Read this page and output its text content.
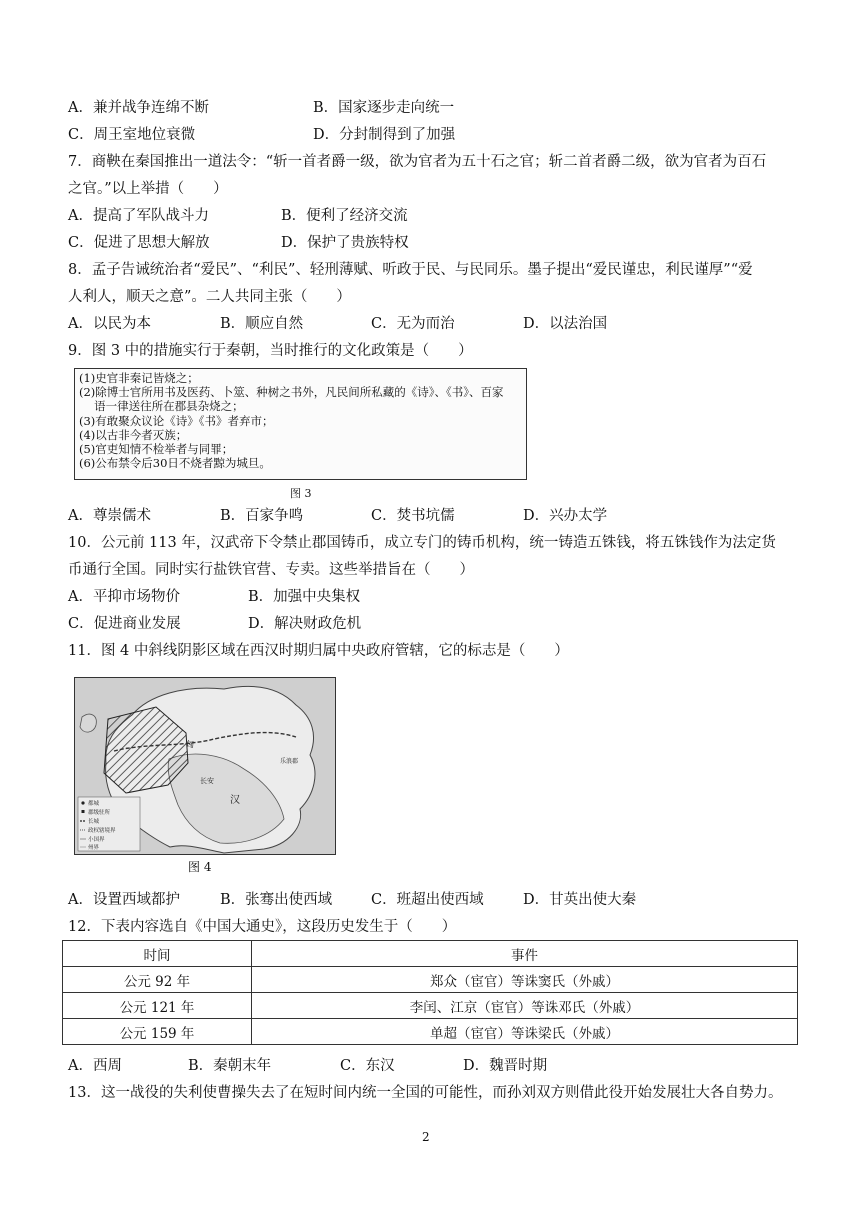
A．兼并战争连绵不断	B．国家逐步走向统一
C．周王室地位衰微	D．分封制得到了加强
7．商鞅在秦国推出一道法令：“斩一首者爵一级，欲为官者为五十石之官；斩二首者爵二级，欲为官者为百石
之官。”以上举措（　　）
A．提高了军队战斗力	B．便利了经济交流
C．促进了思想大解放	D．保护了贵族特权
8．孟子告诫统治者“爱民”、“利民”、轻刑薄赋、听政于民、与民同乐。墨子提出“爱民谨忠，利民谨厚”“爱
人利人，顺天之意”。二人共同主张（　　）
A．以民为本	B．顺应自然	C．无为而治	D．以法治国
9．图 3 中的措施实行于秦朝，当时推行的文化政策是（　　）
(1)史官非秦记皆烧之；
(2)除博士官所用书及医药、卜筮、种树之书外，凡民间所私藏的《诗》、《书》、百家
　 语一律送往所在郡县杂烧之；
(3)有敢聚众议论《诗》《书》者弃市；
(4)以古非今者灭族；
(5)官吏知情不检举者与同罪；
(6)公布禁令后30日不烧者黥为城旦。
图 3
A．尊崇儒术	B．百家争鸣	C．焚书坑儒	D．兴办太学
10．公元前 113 年，汉武帝下令禁止郡国铸币，成立专门的铸币机构，统一铸造五铢钱，将五铢钱作为法定货
币通行全国。同时实行盐铁官营、专卖。这些举措旨在（　　）
A．平抑市场物价	B．加强中央集权
C．促进商业发展	D．解决财政危机
11．图 4 中斜线阴影区域在西汉时期归属中央政府管辖，它的标志是（　　）
匈
长安
汉
乐浪郡
都城
郡级驻所
长城
政权辖境界
小国界
州界
图 4
A．设置西域都护	B．张骞出使西域	C．班超出使西域	D．甘英出使大秦
12．下表内容选自《中国大通史》，这段历史发生于（　　）
时间	事件
公元 92 年	郑众（宦官）等诛窦氏（外戚）
公元 121 年	李闰、江京（宦官）等诛邓氏（外戚）
公元 159 年	单超（宦官）等诛梁氏（外戚）
A．西周	B．秦朝末年	C．东汉	D．魏晋时期
13．这一战役的失利使曹操失去了在短时间内统一全国的可能性，而孙刘双方则借此役开始发展壮大各自势力。
2
